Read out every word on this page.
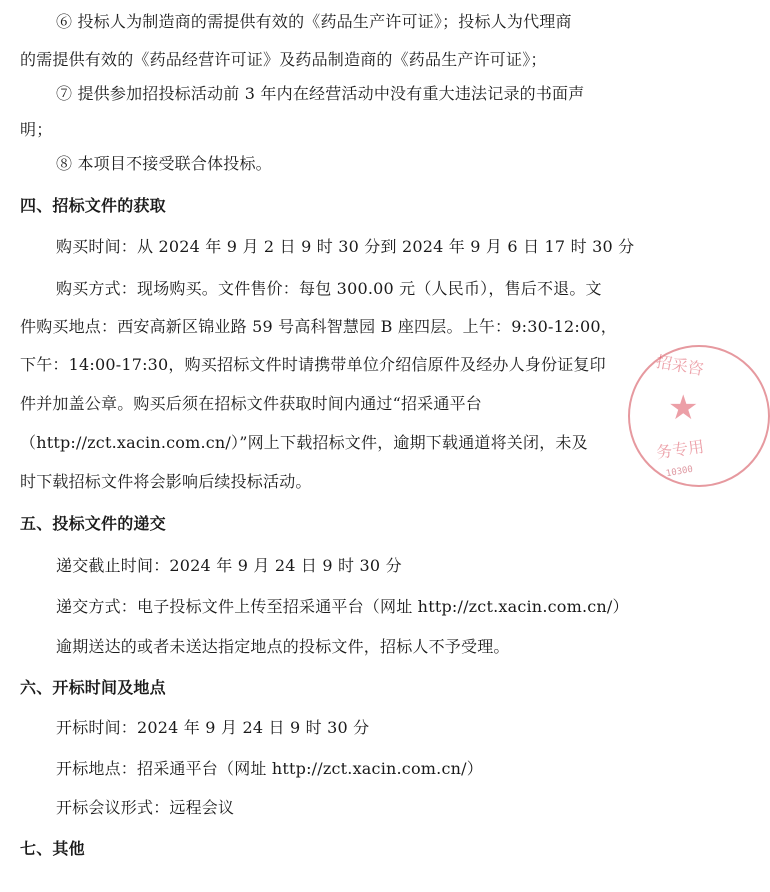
⑥ 投标人为制造商的需提供有效的《药品生产许可证》；投标人为代理商
的需提供有效的《药品经营许可证》及药品制造商的《药品生产许可证》；
⑦ 提供参加招投标活动前 3 年内在经营活动中没有重大违法记录的书面声
明；
⑧ 本项目不接受联合体投标。
四、招标文件的获取
购买时间：从 2024 年 9 月 2 日 9 时 30 分到 2024 年 9 月 6 日 17 时 30 分
购买方式：现场购买。文件售价：每包 300.00 元（人民币），售后不退。文
件购买地点：西安高新区锦业路 59 号高科智慧园 B 座四层。上午：9:30-12:00，
下午：14:00-17:30，购买招标文件时请携带单位介绍信原件及经办人身份证复印
件并加盖公章。购买后须在招标文件获取时间内通过“招采通平台
（http://zct.xacin.com.cn/）”网上下载招标文件，逾期下载通道将关闭，未及
时下载招标文件将会影响后续投标活动。
五、投标文件的递交
递交截止时间：2024 年 9 月 24 日 9 时 30 分
递交方式：电子投标文件上传至招采通平台（网址 http://zct.xacin.com.cn/）
逾期送达的或者未送达指定地点的投标文件，招标人不予受理。
六、开标时间及地点
开标时间：2024 年 9 月 24 日 9 时 30 分
开标地点：招采通平台（网址 http://zct.xacin.com.cn/）
开标会议形式：远程会议
七、其他
招采咨
★
务专用
10300
